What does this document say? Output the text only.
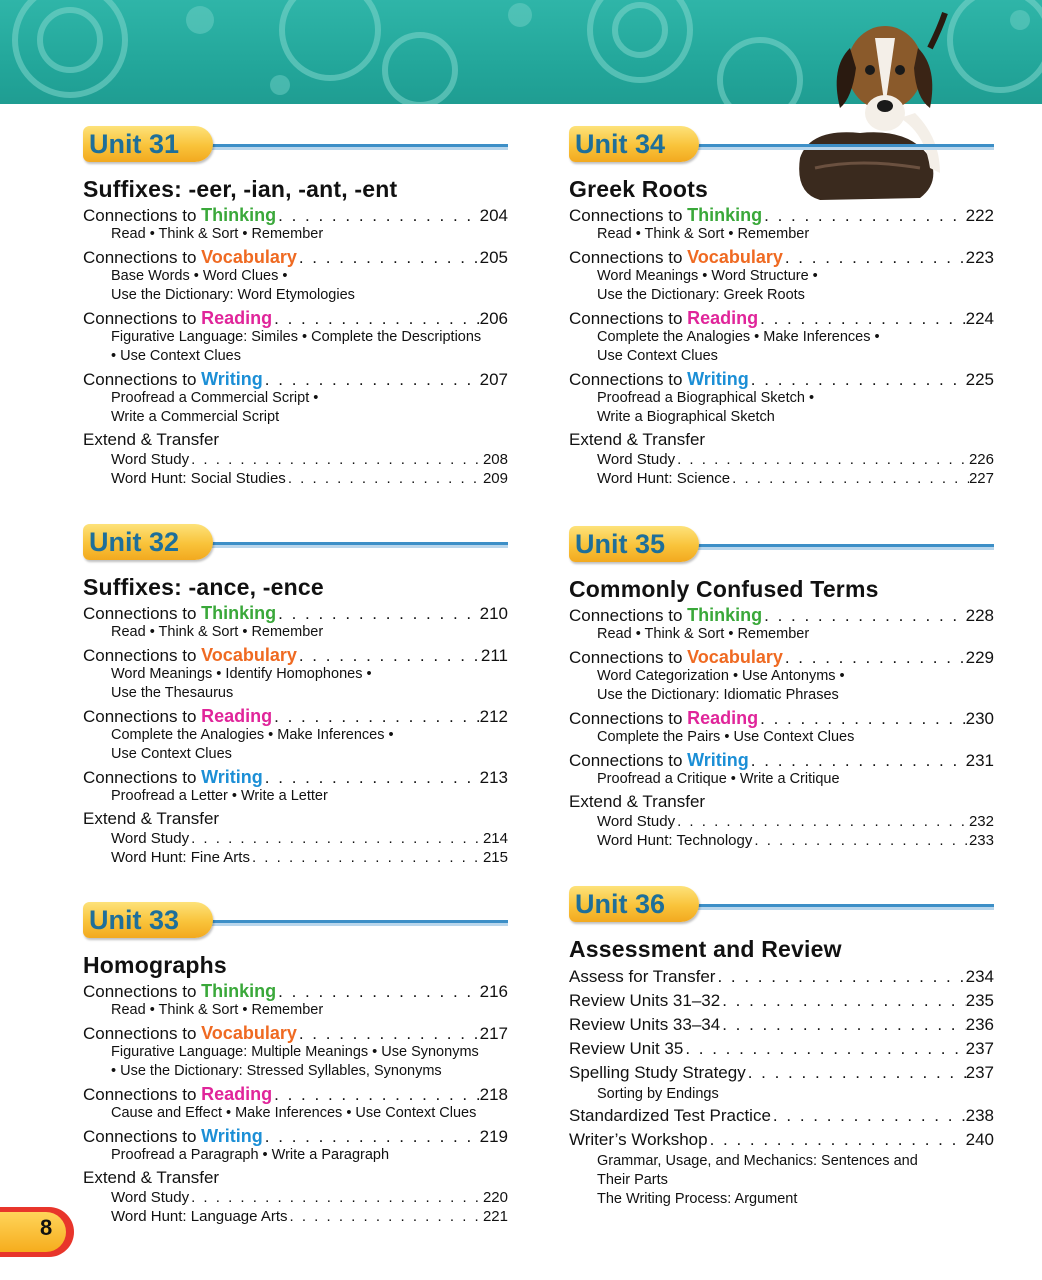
Unit 31
Suffixes: -eer, -ian, -ant, -ent
Connections to Thinking . . .	204
Read • Think & Sort • Remember
Connections to Vocabulary . . .	205
Base Words • Word Clues •
Use the Dictionary: Word Etymologies
Connections to Reading . . .	206
Figurative Language: Similes • Complete the Descriptions
• Use Context Clues
Connections to Writing . . .	207
Proofread a Commercial Script •
Write a Commercial Script
Extend & Transfer
Word Study . . .	208
Word Hunt: Social Studies . . .	209
Unit 32
Suffixes: -ance, -ence
Connections to Thinking . . .	210
Read • Think & Sort • Remember
Connections to Vocabulary . . .	211
Word Meanings • Identify Homophones •
Use the Thesaurus
Connections to Reading . . .	212
Complete the Analogies • Make Inferences •
Use Context Clues
Connections to Writing . . .	213
Proofread a Letter • Write a Letter
Extend & Transfer
Word Study . . .	214
Word Hunt: Fine Arts . . .	215
Unit 33
Homographs
Connections to Thinking . . .	216
Read • Think & Sort • Remember
Connections to Vocabulary . . .	217
Figurative Language: Multiple Meanings • Use Synonyms
• Use the Dictionary: Stressed Syllables, Synonyms
Connections to Reading . . .	218
Cause and Effect • Make Inferences • Use Context Clues
Connections to Writing . . .	219
Proofread a Paragraph • Write a Paragraph
Extend & Transfer
Word Study . . .	220
Word Hunt: Language Arts . . .	221
Unit 34
Greek Roots
Connections to Thinking . . .	222
Read • Think & Sort • Remember
Connections to Vocabulary . . .	223
Word Meanings • Word Structure •
Use the Dictionary: Greek Roots
Connections to Reading . . .	224
Complete the Analogies • Make Inferences •
Use Context Clues
Connections to Writing . . .	225
Proofread a Biographical Sketch •
Write a Biographical Sketch
Extend & Transfer
Word Study . . .	226
Word Hunt: Science . . .	227
Unit 35
Commonly Confused Terms
Connections to Thinking . . .	228
Read • Think & Sort • Remember
Connections to Vocabulary . . .	229
Word Categorization • Use Antonyms •
Use the Dictionary: Idiomatic Phrases
Connections to Reading . . .	230
Complete the Pairs • Use Context Clues
Connections to Writing . . .	231
Proofread a Critique • Write a Critique
Extend & Transfer
Word Study . . .	232
Word Hunt: Technology . . .	233
Unit 36
Assessment and Review
Assess for Transfer . . .	234
Review Units 31–32 . . .	235
Review Units 33–34 . . .	236
Review Unit 35 . . .	237
Spelling Study Strategy . . .	237
Sorting by Endings
Standardized Test Practice . . .	238
Writer’s Workshop . . .	240
Grammar, Usage, and Mechanics: Sentences and
Their Parts
The Writing Process: Argument
8
